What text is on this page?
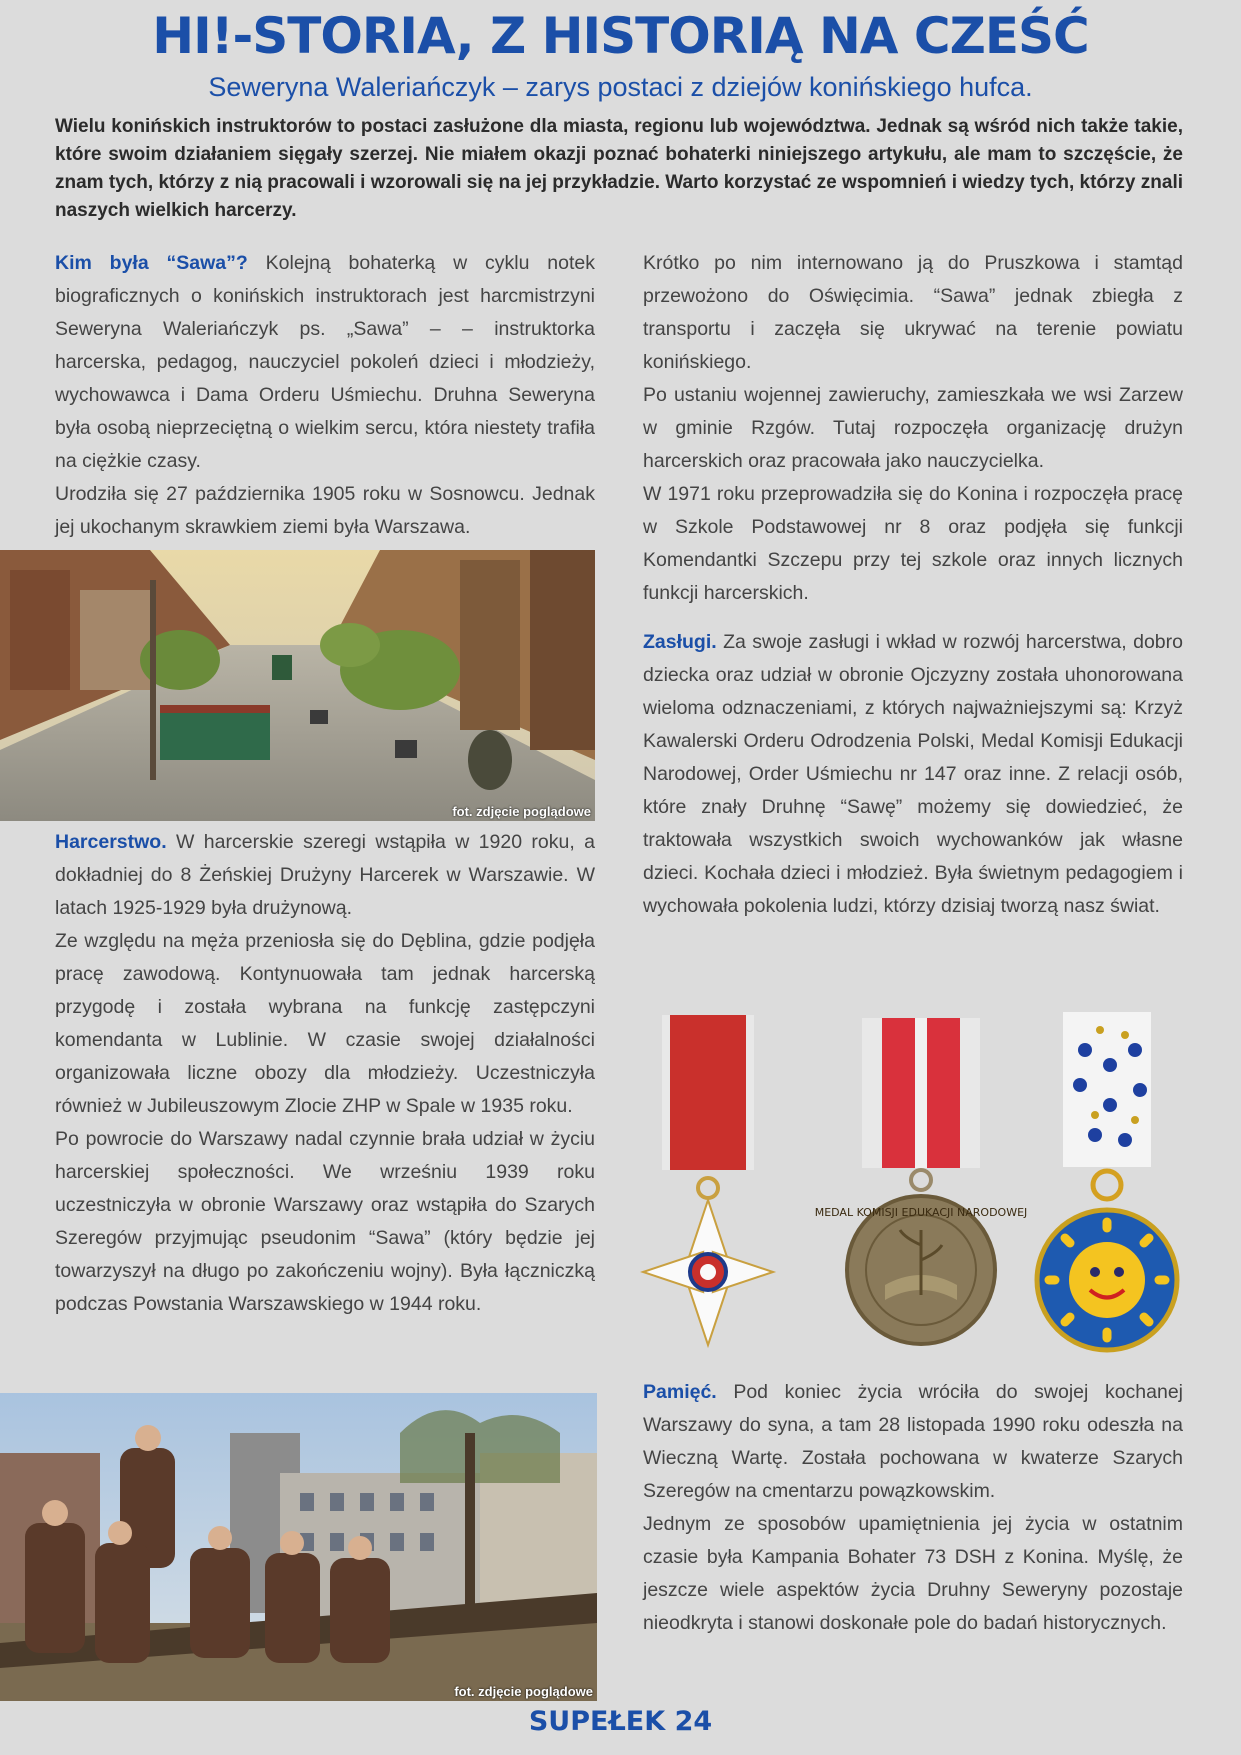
HI!-STORIA, Z HISTORIĄ NA CZEŚĆ
Seweryna Waleriańczyk – zarys postaci z dziejów konińskiego hufca.
Wielu konińskich instruktorów to postaci zasłużone dla miasta, regionu lub województwa. Jednak są wśród nich także takie, które swoim działaniem sięgały szerzej. Nie miałem okazji poznać bohaterki niniejszego artykułu, ale mam to szczęście, że znam tych, którzy z nią pracowali i wzorowali się na jej przykładzie. Warto korzystać ze wspomnień i wiedzy tych, którzy znali naszych wielkich harcerzy.

Kim była “Sawa”? Kolejną bohaterką w cyklu notek biograficznych o konińskich instruktorach jest harcmistrzyni Seweryna Waleriańczyk ps. „Sawa” – – instruktorka harcerska, pedagog, nauczyciel pokoleń dzieci i młodzieży, wychowawca i Dama Orderu Uśmiechu. Druhna Seweryna była osobą nieprzeciętną o wielkim sercu, która niestety trafiła na ciężkie czasy.

Urodziła się 27 października 1905 roku w Sosnowcu. Jednak jej ukochanym skrawkiem ziemi była Warszawa.

fot. zdjęcie poglądowe

Harcerstwo. W harcerskie szeregi wstąpiła w 1920 roku, a dokładniej do 8 Żeńskiej Drużyny Harcerek w Warszawie. W latach 1925-1929 była drużynową.

Ze względu na męża przeniosła się do Dęblina, gdzie podjęła pracę zawodową. Kontynuowała tam jednak harcerską przygodę i została wybrana na funkcję zastępczyni komendanta w Lublinie. W czasie swojej działalności organizowała liczne obozy dla młodzieży. Uczestniczyła również w Jubileuszowym Zlocie ZHP w Spale w 1935 roku.

Po powrocie do Warszawy nadal czynnie brała udział w życiu harcerskiej społeczności. We wrześniu 1939 roku uczestniczyła w obronie Warszawy oraz wstąpiła do Szarych Szeregów przyjmując pseudonim “Sawa” (który będzie jej towarzyszył na długo po zakończeniu wojny). Była łączniczką podczas Powstania Warszawskiego w 1944 roku.

fot. zdjęcie poglądowe

Krótko po nim internowano ją do Pruszkowa i stamtąd przewożono do Oświęcimia. “Sawa” jednak zbiegła z transportu i zaczęła się ukrywać na terenie powiatu konińskiego.

Po ustaniu wojennej zawieruchy, zamieszkała we wsi Zarzew w gminie Rzgów. Tutaj rozpoczęła organizację drużyn harcerskich oraz pracowała jako nauczycielka.

W 1971 roku przeprowadziła się do Konina i rozpoczęła pracę w Szkole Podstawowej nr 8 oraz podjęła się funkcji Komendantki Szczepu przy tej szkole oraz innych licznych funkcji harcerskich.

Zasługi. Za swoje zasługi i wkład w rozwój harcerstwa, dobro dziecka oraz udział w obronie Ojczyzny została uhonorowana wieloma odznaczeniami, z których najważniejszymi są: Krzyż Kawalerski Orderu Odrodzenia Polski, Medal Komisji Edukacji Narodowej, Order Uśmiechu nr 147 oraz inne. Z relacji osób, które znały Druhnę “Sawę” możemy się dowiedzieć, że traktowała wszystkich swoich wychowanków jak własne dzieci. Kochała dzieci i młodzież. Była świetnym pedagogiem i wychowała pokolenia ludzi, którzy dzisiaj tworzą nasz świat.

MEDAL KOMISJI EDUKACJI NARODOWEJ

Pamięć. Pod koniec życia wróciła do swojej kochanej Warszawy do syna, a tam 28 listopada 1990 roku odeszła na Wieczną Wartę. Została pochowana w kwaterze Szarych Szeregów na cmentarzu powązkowskim.

Jednym ze sposobów upamiętnienia jej życia w ostatnim czasie była Kampania Bohater 73 DSH z Konina. Myślę, że jeszcze wiele aspektów życia Druhny Seweryny pozostaje nieodkryta i stanowi doskonałe pole do badań historycznych.

SUPEŁEK 24
